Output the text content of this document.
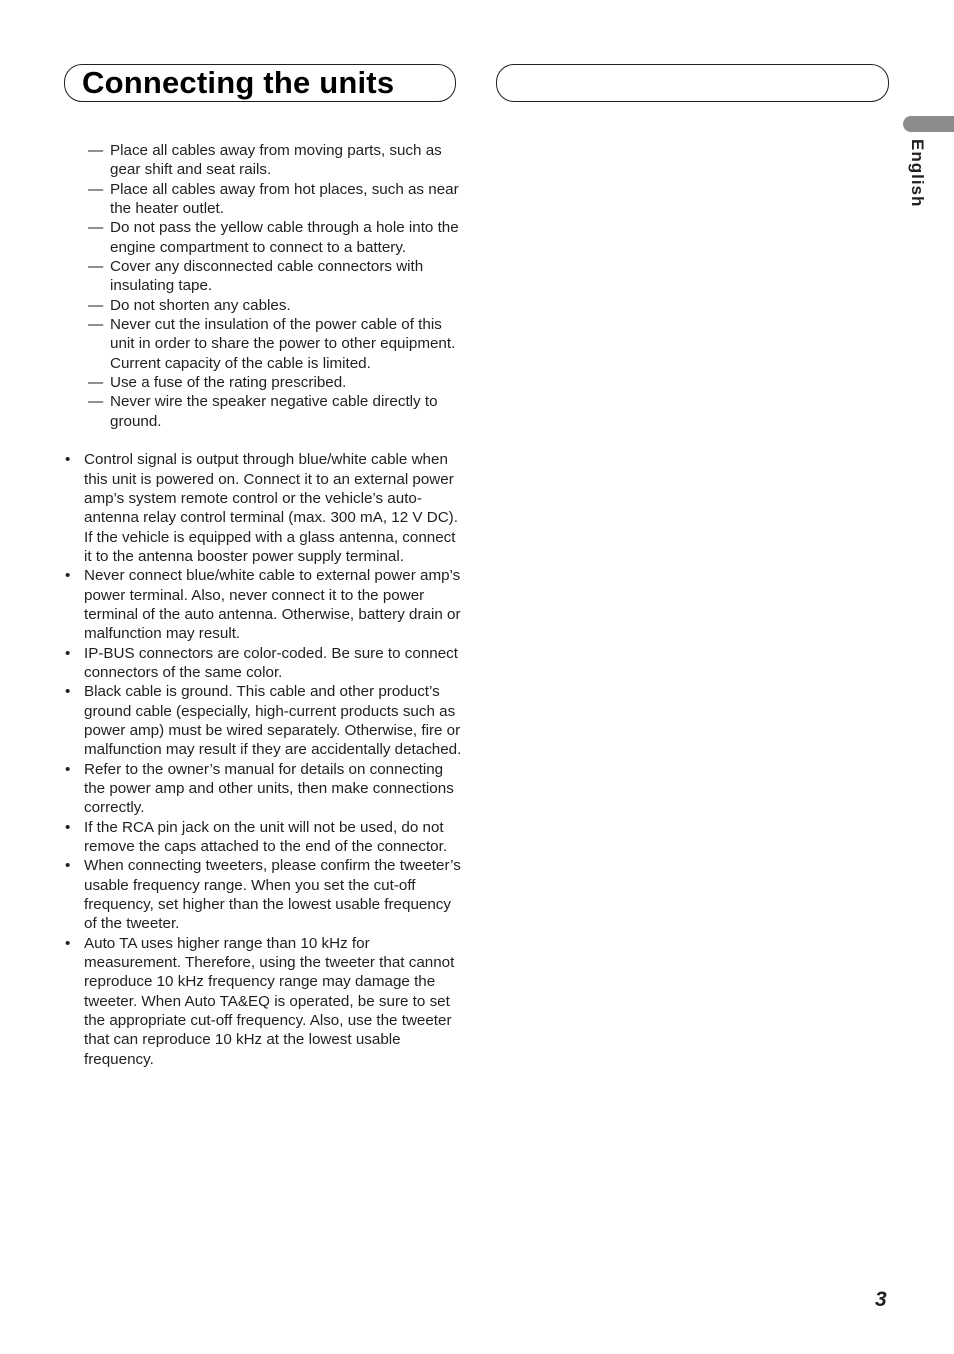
Connecting the units
English
— Place all cables away from moving parts, such as gear shift and seat rails.
— Place all cables away from hot places, such as near the heater outlet.
— Do not pass the yellow cable through a hole into the engine compartment to connect to a battery.
— Cover any disconnected cable connectors with insulating tape.
— Do not shorten any cables.
— Never cut the insulation of the power cable of this unit in order to share the power to other equipment. Current capacity of the cable is limited.
— Use a fuse of the rating prescribed.
— Never wire the speaker negative cable directly to ground.
• Control signal is output through blue/white cable when this unit is powered on. Connect it to an external power amp’s system remote control or the vehicle’s auto-antenna relay control terminal (max. 300 mA, 12 V DC). If the vehicle is equipped with a glass antenna, connect it to the antenna booster power supply terminal.
• Never connect blue/white cable to external power amp’s power terminal. Also, never connect it to the power terminal of the auto antenna. Otherwise, battery drain or malfunction may result.
• IP-BUS connectors are color-coded. Be sure to connect connectors of the same color.
• Black cable is ground. This cable and other product’s ground cable (especially, high-current products such as power amp) must be wired separately. Otherwise, fire or malfunction may result if they are accidentally detached.
• Refer to the owner’s manual for details on connecting the power amp and other units, then make connections correctly.
• If the RCA pin jack on the unit will not be used, do not remove the caps attached to the end of the connector.
• When connecting tweeters, please confirm the tweeter’s usable frequency range. When you set the cut-off frequency, set higher than the lowest usable frequency of the tweeter.
• Auto TA uses higher range than 10 kHz for measurement. Therefore, using the tweeter that cannot reproduce 10 kHz frequency range may damage the tweeter. When Auto TA&EQ is operated, be sure to set the appropriate cut-off frequency. Also, use the tweeter that can reproduce 10 kHz at the lowest usable frequency.
3
